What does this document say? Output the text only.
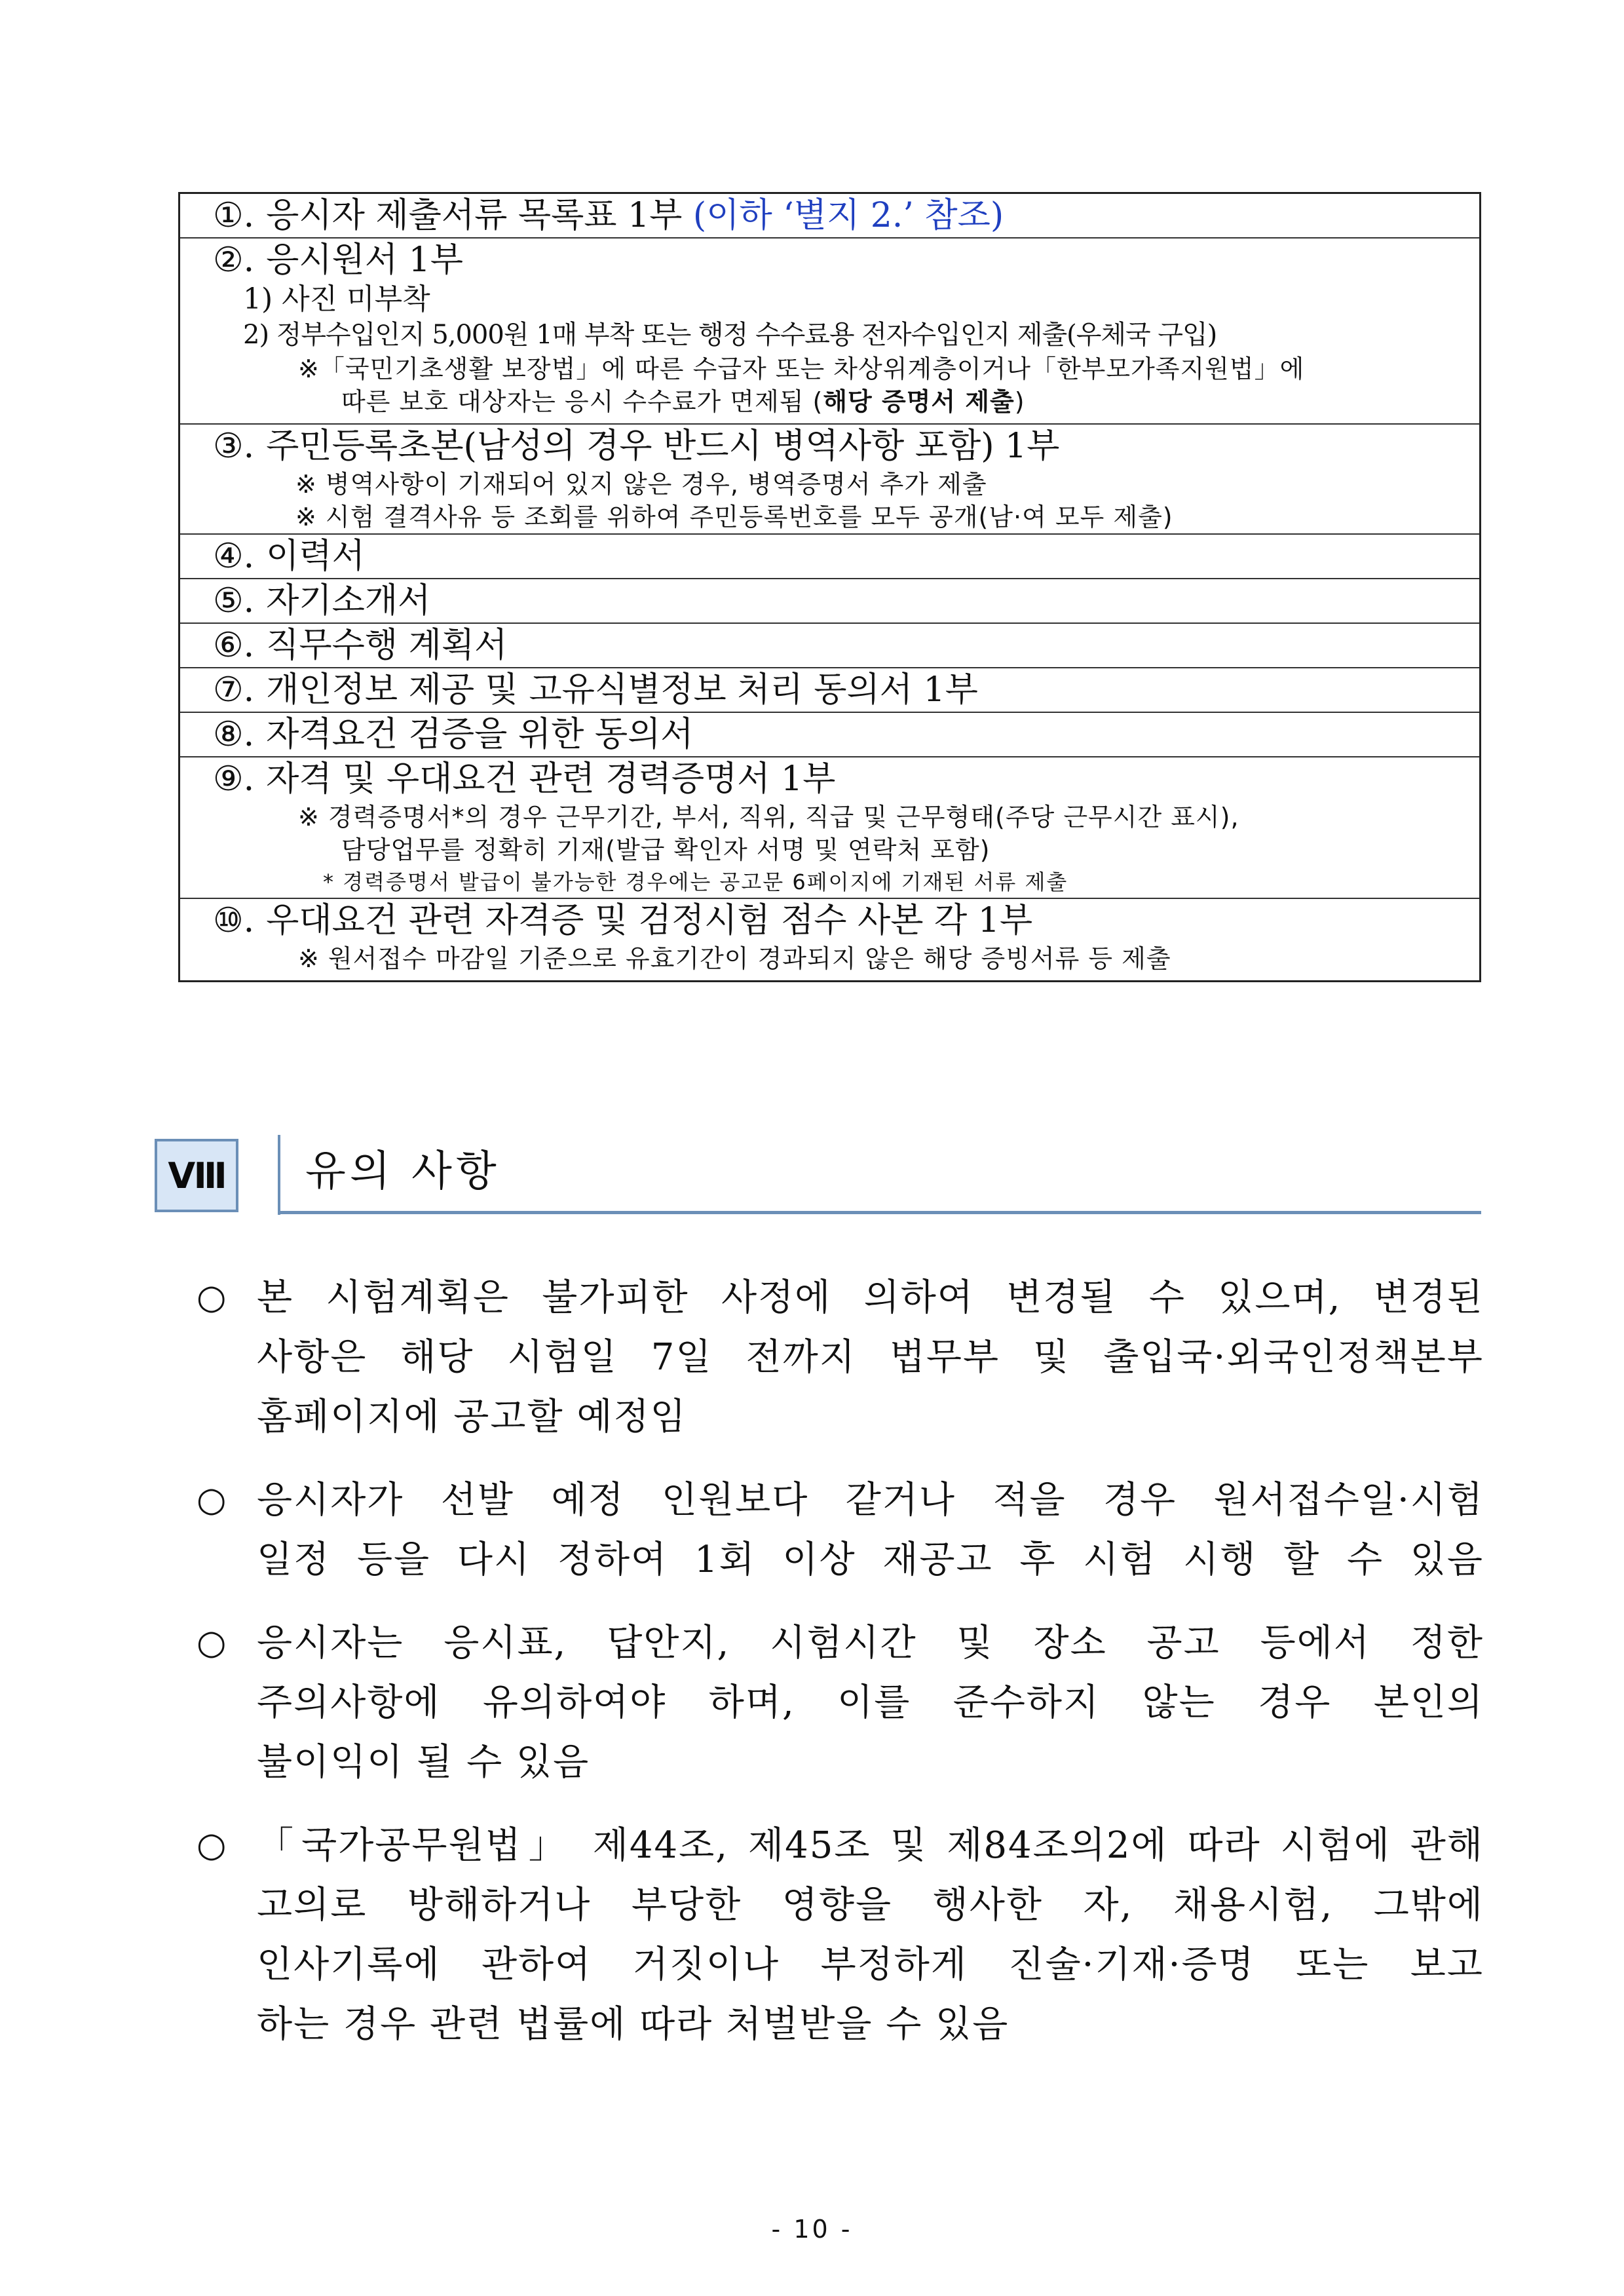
①. 응시자 제출서류 목록표 1부 (이하 ‘별지 2.’ 참조)
②. 응시원서 1부
1) 사진 미부착
2) 정부수입인지 5,000원 1매 부착 또는 행정 수수료용 전자수입인지 제출(우체국 구입)
※「국민기초생활 보장법」에 따른 수급자 또는 차상위계층이거나「한부모가족지원법」에
따른 보호 대상자는 응시 수수료가 면제됨 (해당 증명서 제출)
③. 주민등록초본(남성의 경우 반드시 병역사항 포함) 1부
※ 병역사항이 기재되어 있지 않은 경우, 병역증명서 추가 제출
※ 시험 결격사유 등 조회를 위하여 주민등록번호를 모두 공개(남·여 모두 제출)
④. 이력서
⑤. 자기소개서
⑥. 직무수행 계획서
⑦. 개인정보 제공 및 고유식별정보 처리 동의서 1부
⑧. 자격요건 검증을 위한 동의서
⑨. 자격 및 우대요건 관련 경력증명서 1부
※ 경력증명서*의 경우 근무기간, 부서, 직위, 직급 및 근무형태(주당 근무시간 표시),
담당업무를 정확히 기재(발급 확인자 서명 및 연락처 포함)
* 경력증명서 발급이 불가능한 경우에는 공고문 6페이지에 기재된 서류 제출
⑩. 우대요건 관련 자격증 및 검정시험 점수 사본 각 1부
※ 원서접수 마감일 기준으로 유효기간이 경과되지 않은 해당 증빙서류 등 제출
Ⅷ	유의 사항
○ 본 시험계획은 불가피한 사정에 의하여 변경될 수 있으며, 변경된
사항은 해당 시험일 7일 전까지 법무부 및 출입국·외국인정책본부
홈페이지에 공고할 예정임
○ 응시자가 선발 예정 인원보다 같거나 적을 경우 원서접수일·시험
일정 등을 다시 정하여 1회 이상 재공고 후 시험 시행 할 수 있음
○ 응시자는 응시표, 답안지, 시험시간 및 장소 공고 등에서 정한
주의사항에 유의하여야 하며, 이를 준수하지 않는 경우 본인의
불이익이 될 수 있음
○ 「국가공무원법」 제44조, 제45조 및 제84조의2에 따라 시험에 관해
고의로 방해하거나 부당한 영향을 행사한 자, 채용시험, 그밖에
인사기록에 관하여 거짓이나 부정하게 진술·기재·증명 또는 보고
하는 경우 관련 법률에 따라 처벌받을 수 있음
- 10 -
